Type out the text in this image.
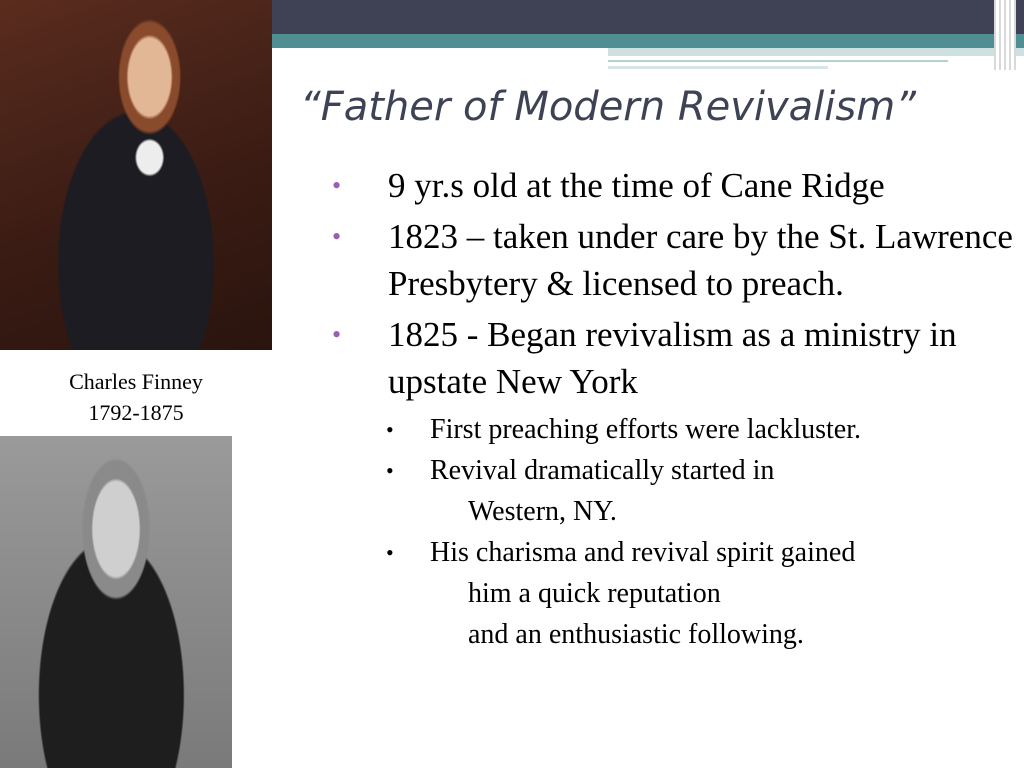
Charles Finney
1792-1875
“Father of Modern Revivalism”
• 9 yr.s old at the time of Cane Ridge
• 1823 – taken under care by the St. Lawrence Presbytery & licensed to preach.
• 1825 - Began revivalism as a ministry in upstate New York
• First preaching efforts were lackluster.
• Revival dramatically started in
Western, NY.
• His charisma and revival spirit gained
him a quick reputation
and an enthusiastic following.
